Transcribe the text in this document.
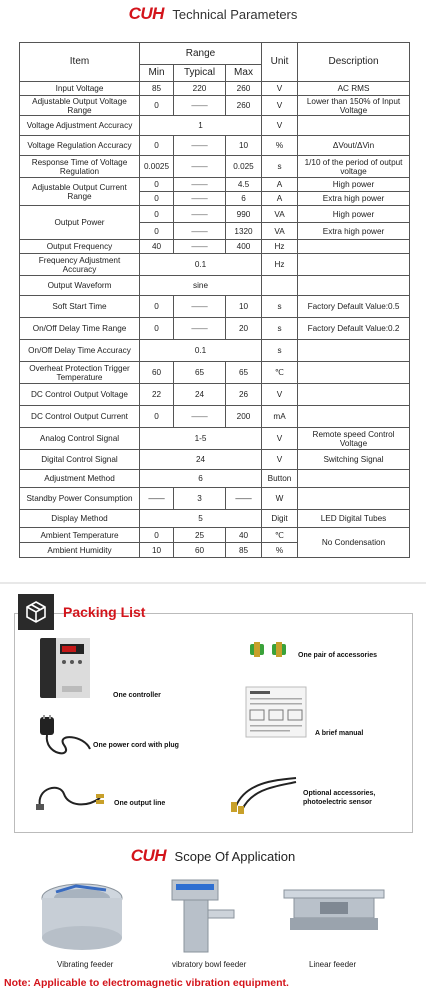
CUH Technical Parameters
Item	Range			Unit	Description
	Min	Typical	Max		
Input Voltage	85	220	260	V	AC RMS
Adjustable Output Voltage Range	0	——	260	V	Lower than 150% of Input Voltage
Voltage Adjustment Accuracy	1			V	
Voltage Regulation Accuracy	0	——	10	%	ΔVout/ΔVin
Response Time of Voltage Regulation	0.0025	——	0.025	s	1/10 of the period of output voltage
Adjustable Output Current Range	0	——	4.5	A	High power
	0	——	6	A	Extra high power
Output Power	0	——	990	VA	High power
	0	——	1320	VA	Extra high power
Output Frequency	40	——	400	Hz	
Frequency Adjustment Accuracy	0.1			Hz	
Output Waveform	sine				
Soft Start Time	0	——	10	s	Factory Default Value:0.5
On/Off Delay Time Range	0	——	20	s	Factory Default Value:0.2
On/Off Delay Time Accuracy	0.1			s	
Overheat Protection Trigger Temperature	60	65	65	℃	
DC Control Output Voltage	22	24	26	V	
DC Control Output Current	0	——	200	mA	
Analog Control Signal	1-5			V	Remote speed Control Voltage
Digital Control Signal	24			V	Switching Signal
Adjustment Method	6			Button	
Standby Power Consumption	——	3	——	W	
Display Method	5			Digit	LED Digital Tubes
Ambient Temperature	0	25	40	℃	No Condensation
Ambient Humidity	10	60	85	%	
Packing List
One controller
One pair of accessories
A brief manual
One power cord with plug
One output line
Optional accessories,
photoelectric sensor
CUH Scope Of Application
Vibrating feeder	vibratory bowl feeder	Linear feeder
Note: Applicable to electromagnetic vibration equipment.
